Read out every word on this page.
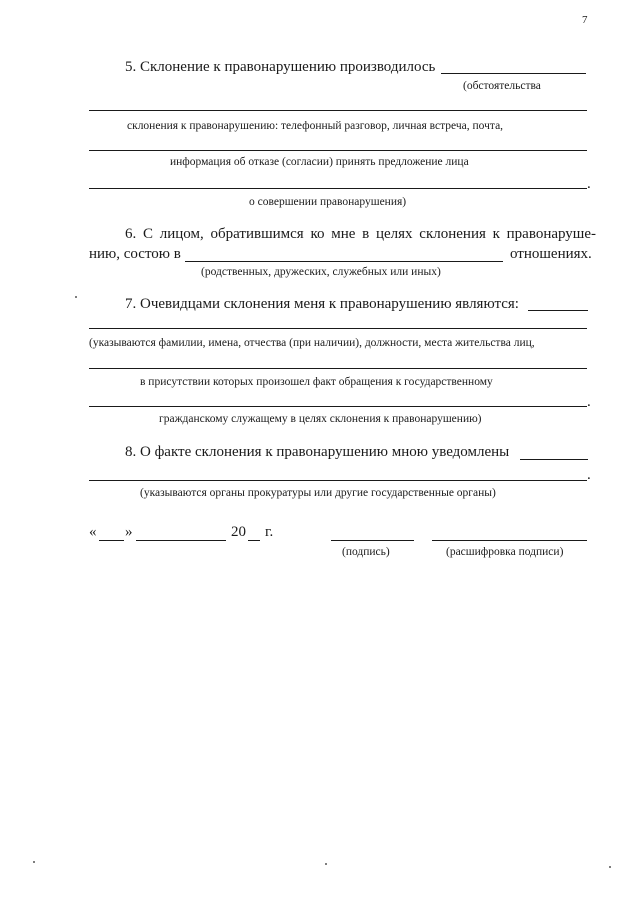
7
5. Склонение к правонарушению производилось
(обстоятельства
склонения к правонарушению: телефонный разговор, личная встреча, почта,
информация об отказе (согласии) принять предложение лица
.
о совершении правонарушения)
6. С лицом, обратившимся ко мне в целях склонения к правонаруше-
нию, состою в	отношениях.
(родственных, дружеских, служебных или иных)
7. Очевидцами склонения меня к правонарушению являются:
(указываются фамилии, имена, отчества (при наличии), должности, места жительства лиц,
в присутствии которых произошел факт обращения к государственному
.
гражданскому служащему в целях склонения к правонарушению)
8. О факте склонения к правонарушению мною уведомлены
.
(указываются органы прокуратуры или другие государственные органы)
« »	20 г.
(подпись)	(расшифровка подписи)
